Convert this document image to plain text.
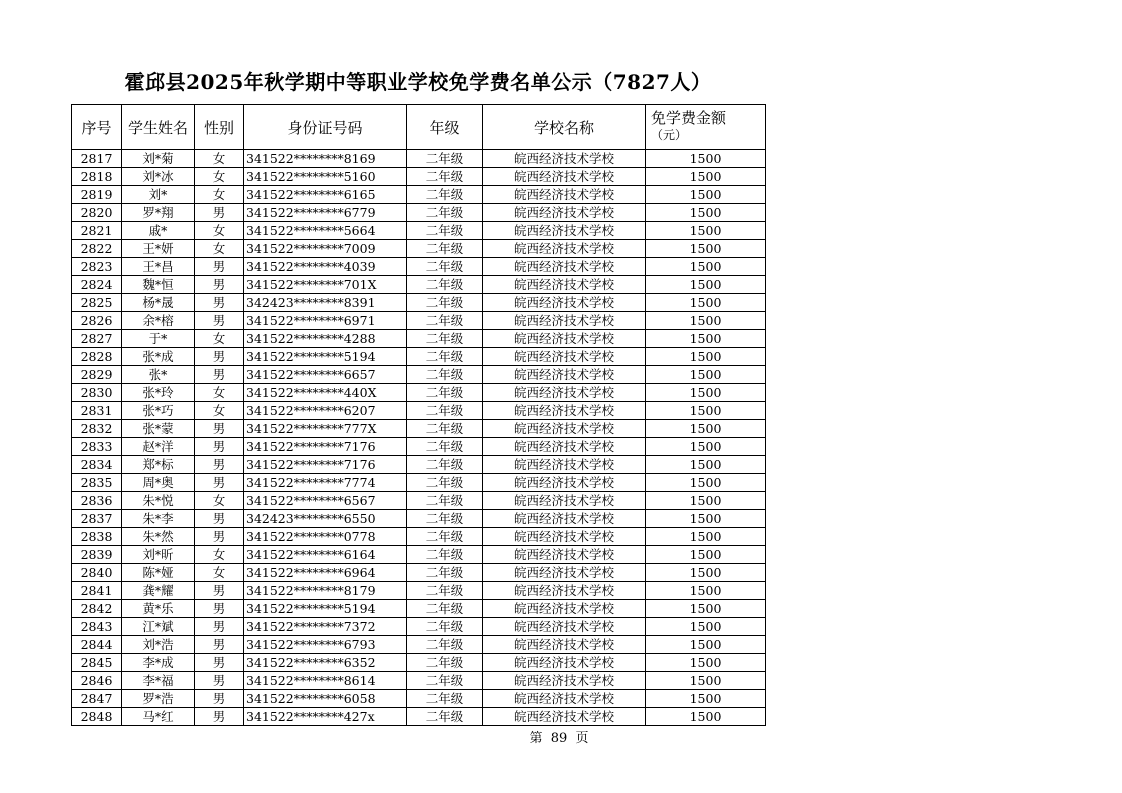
霍邱县2025年秋学期中等职业学校免学费名单公示（7827人）
序号	学生姓名	性别	身份证号码	年级	学校名称	免学费金额
（元）

2817	刘*菊	女	341522********8169	二年级	皖西经济技术学校	1500
2818	刘*冰	女	341522********5160	二年级	皖西经济技术学校	1500
2819	刘*	女	341522********6165	二年级	皖西经济技术学校	1500
2820	罗*翔	男	341522********6779	二年级	皖西经济技术学校	1500
2821	戚*	女	341522********5664	二年级	皖西经济技术学校	1500
2822	王*妍	女	341522********7009	二年级	皖西经济技术学校	1500
2823	王*昌	男	341522********4039	二年级	皖西经济技术学校	1500
2824	魏*恒	男	341522********701X	二年级	皖西经济技术学校	1500
2825	杨*晟	男	342423********8391	二年级	皖西经济技术学校	1500
2826	余*榕	男	341522********6971	二年级	皖西经济技术学校	1500
2827	于*	女	341522********4288	二年级	皖西经济技术学校	1500
2828	张*成	男	341522********5194	二年级	皖西经济技术学校	1500
2829	张*	男	341522********6657	二年级	皖西经济技术学校	1500
2830	张*玲	女	341522********440X	二年级	皖西经济技术学校	1500
2831	张*巧	女	341522********6207	二年级	皖西经济技术学校	1500
2832	张*蒙	男	341522********777X	二年级	皖西经济技术学校	1500
2833	赵*洋	男	341522********7176	二年级	皖西经济技术学校	1500
2834	郑*标	男	341522********7176	二年级	皖西经济技术学校	1500
2835	周*奥	男	341522********7774	二年级	皖西经济技术学校	1500
2836	朱*悦	女	341522********6567	二年级	皖西经济技术学校	1500
2837	朱*李	男	342423********6550	二年级	皖西经济技术学校	1500
2838	朱*然	男	341522********0778	二年级	皖西经济技术学校	1500
2839	刘*昕	女	341522********6164	二年级	皖西经济技术学校	1500
2840	陈*娅	女	341522********6964	二年级	皖西经济技术学校	1500
2841	龚*耀	男	341522********8179	二年级	皖西经济技术学校	1500
2842	黄*乐	男	341522********5194	二年级	皖西经济技术学校	1500
2843	江*斌	男	341522********7372	二年级	皖西经济技术学校	1500
2844	刘*浩	男	341522********6793	二年级	皖西经济技术学校	1500
2845	李*成	男	341522********6352	二年级	皖西经济技术学校	1500
2846	李*福	男	341522********8614	二年级	皖西经济技术学校	1500
2847	罗*浩	男	341522********6058	二年级	皖西经济技术学校	1500
2848	马*红	男	341522********427x	二年级	皖西经济技术学校	1500
第  89  页
